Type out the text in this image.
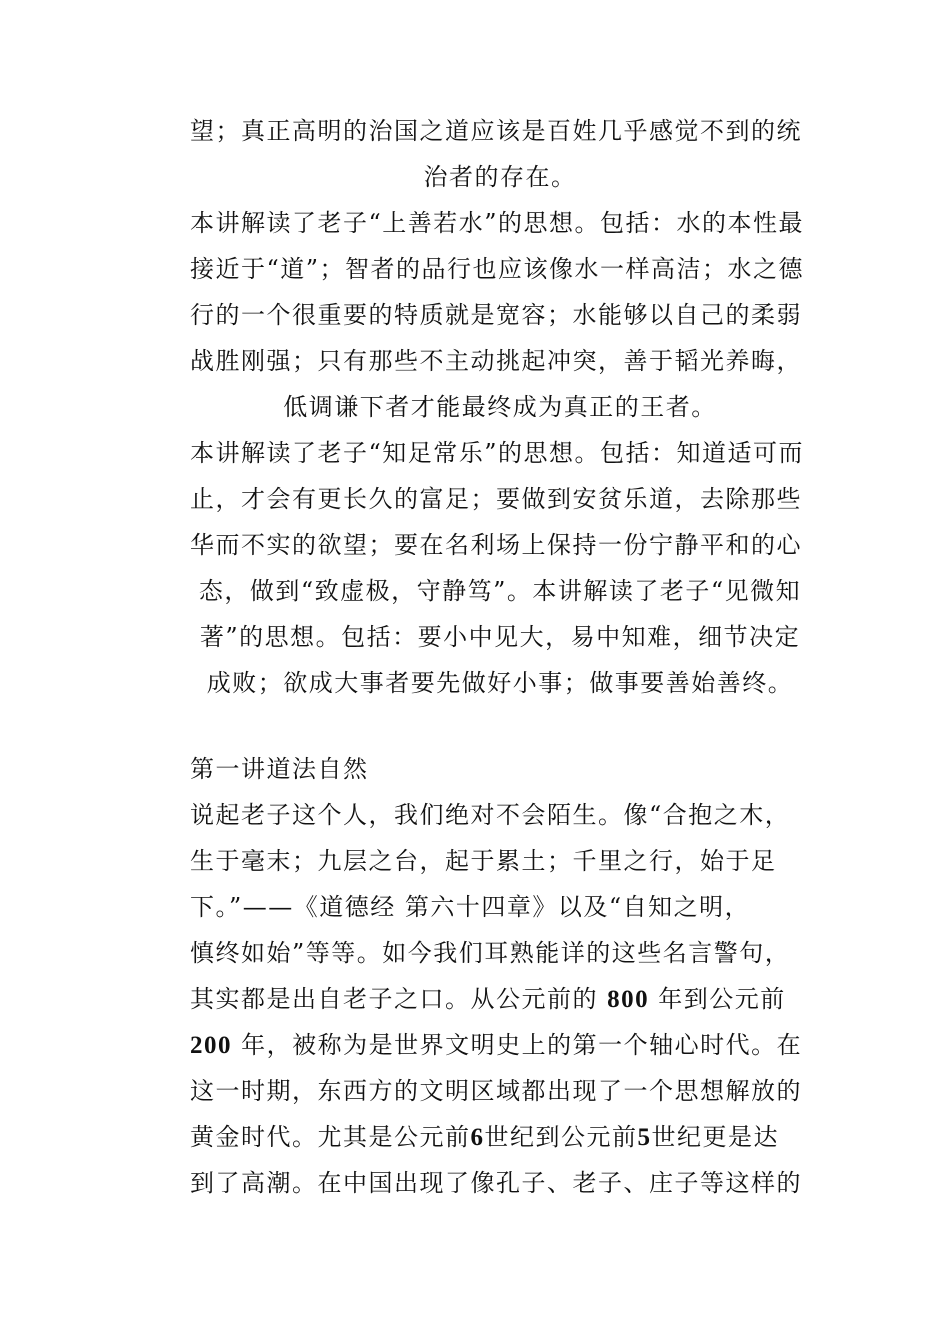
望；真正高明的治国之道应该是百姓几乎感觉不到的统
治者的存在。
本讲解读了老子“上善若水”的思想。包括：水的本性最
接近于“道”；智者的品行也应该像水一样高洁；水之德
行的一个很重要的特质就是宽容；水能够以自己的柔弱
战胜刚强；只有那些不主动挑起冲突，善于韬光养晦，
低调谦下者才能最终成为真正的王者。
本讲解读了老子“知足常乐”的思想。包括：知道适可而
止，才会有更长久的富足；要做到安贫乐道，去除那些
华而不实的欲望；要在名利场上保持一份宁静平和的心
态，做到“致虚极，守静笃”。本讲解读了老子“见微知
著”的思想。包括：要小中见大，易中知难，细节决定
成败；欲成大事者要先做好小事；做事要善始善终。
第一讲道法自然
说起老子这个人，我们绝对不会陌生。像“合抱之木，
生于毫末；九层之台，起于累土；千里之行，始于足
下。”——《道德经 第六十四章》以及“自知之明，
慎终如始”等等。如今我们耳熟能详的这些名言警句，
其实都是出自老子之口。从公元前的 800 年到公元前
200 年，被称为是世界文明史上的第一个轴心时代。在
这一时期，东西方的文明区域都出现了一个思想解放的
黄金时代。尤其是公元前6世纪到公元前5世纪更是达
到了高潮。在中国出现了像孔子、老子、庄子等这样的
